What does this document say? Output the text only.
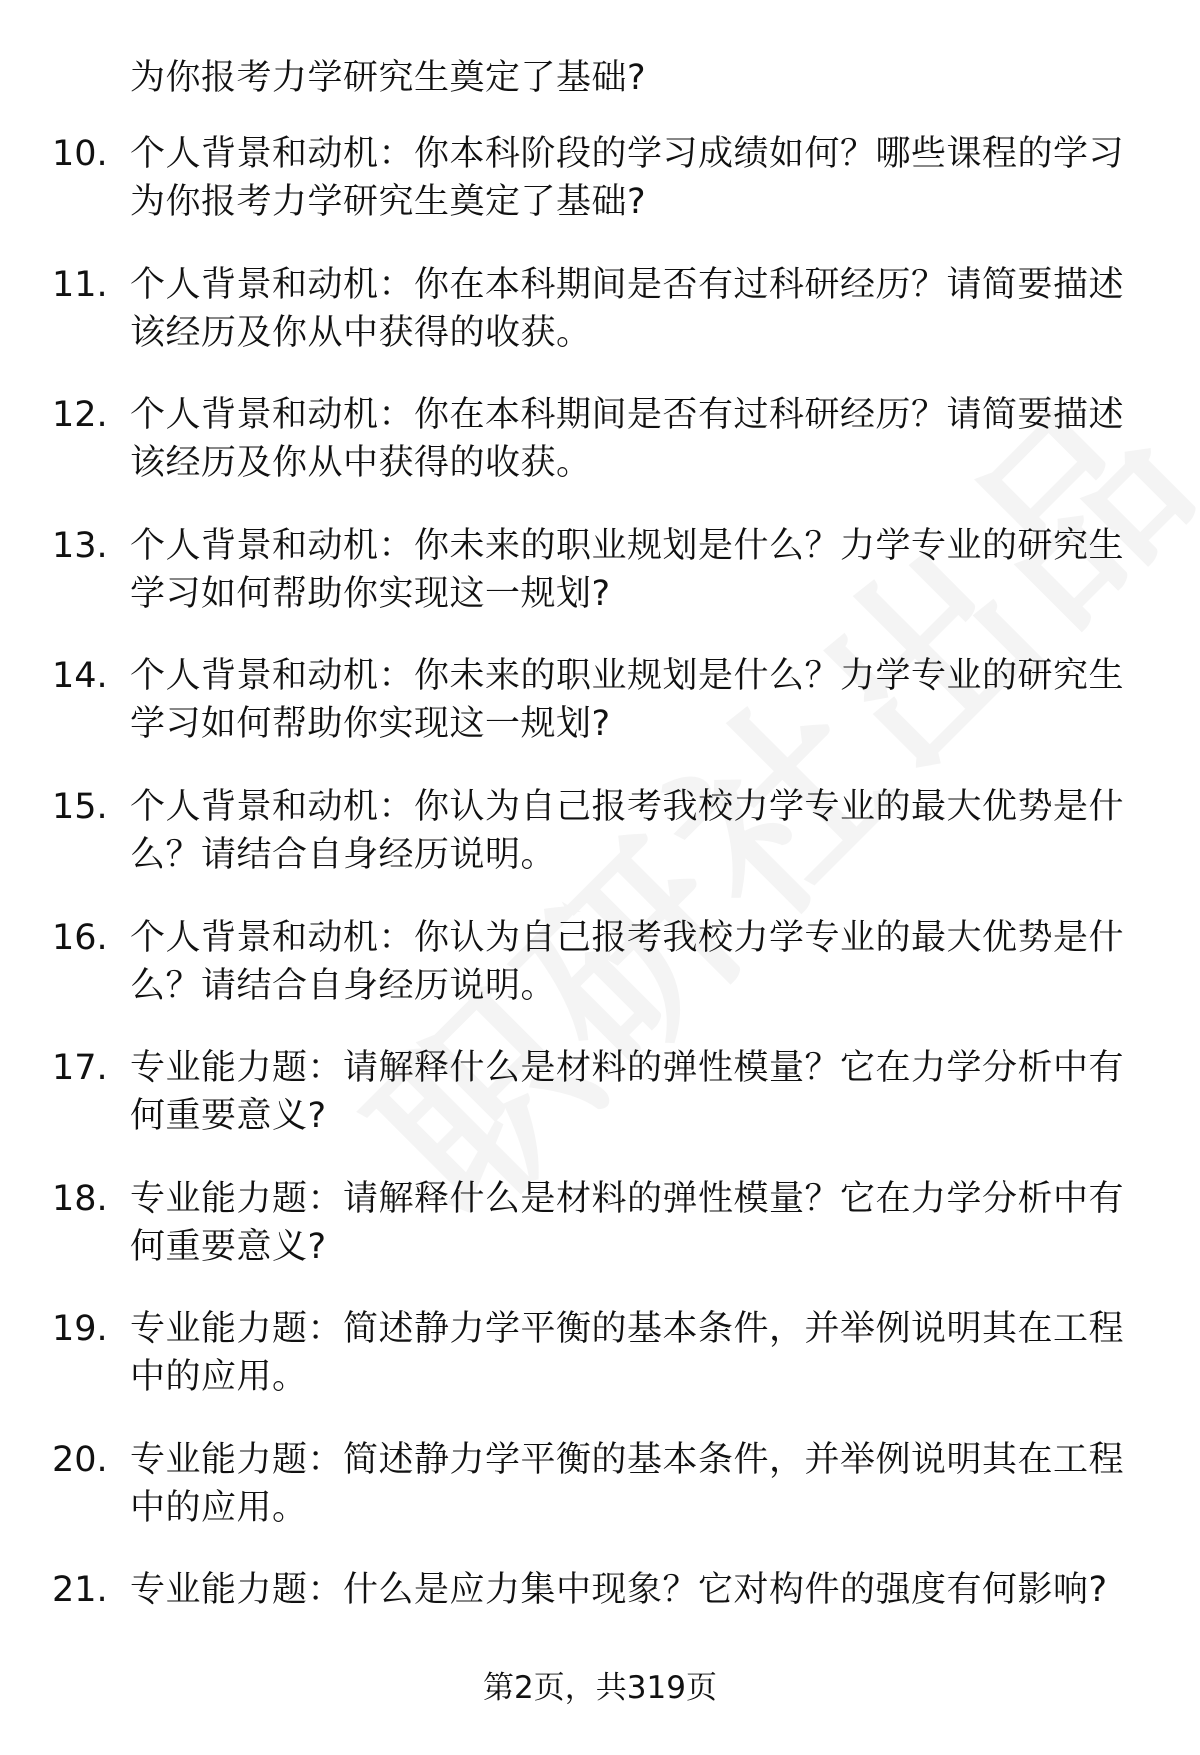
为你报考力学研究生奠定了基础?
10. 个人背景和动机：你本科阶段的学习成绩如何？哪些课程的学习
为你报考力学研究生奠定了基础?
11. 个人背景和动机：你在本科期间是否有过科研经历？请简要描述
该经历及你从中获得的收获。
12. 个人背景和动机：你在本科期间是否有过科研经历？请简要描述
该经历及你从中获得的收获。
13. 个人背景和动机：你未来的职业规划是什么？力学专业的研究生
学习如何帮助你实现这一规划?
14. 个人背景和动机：你未来的职业规划是什么？力学专业的研究生
学习如何帮助你实现这一规划?
15. 个人背景和动机：你认为自己报考我校力学专业的最大优势是什
么？请结合自身经历说明。
16. 个人背景和动机：你认为自己报考我校力学专业的最大优势是什
么？请结合自身经历说明。
17. 专业能力题：请解释什么是材料的弹性模量？它在力学分析中有
何重要意义?
18. 专业能力题：请解释什么是材料的弹性模量？它在力学分析中有
何重要意义?
19. 专业能力题：简述静力学平衡的基本条件，并举例说明其在工程
中的应用。
20. 专业能力题：简述静力学平衡的基本条件，并举例说明其在工程
中的应用。
21. 专业能力题：什么是应力集中现象？它对构件的强度有何影响?
第2页，共319页
